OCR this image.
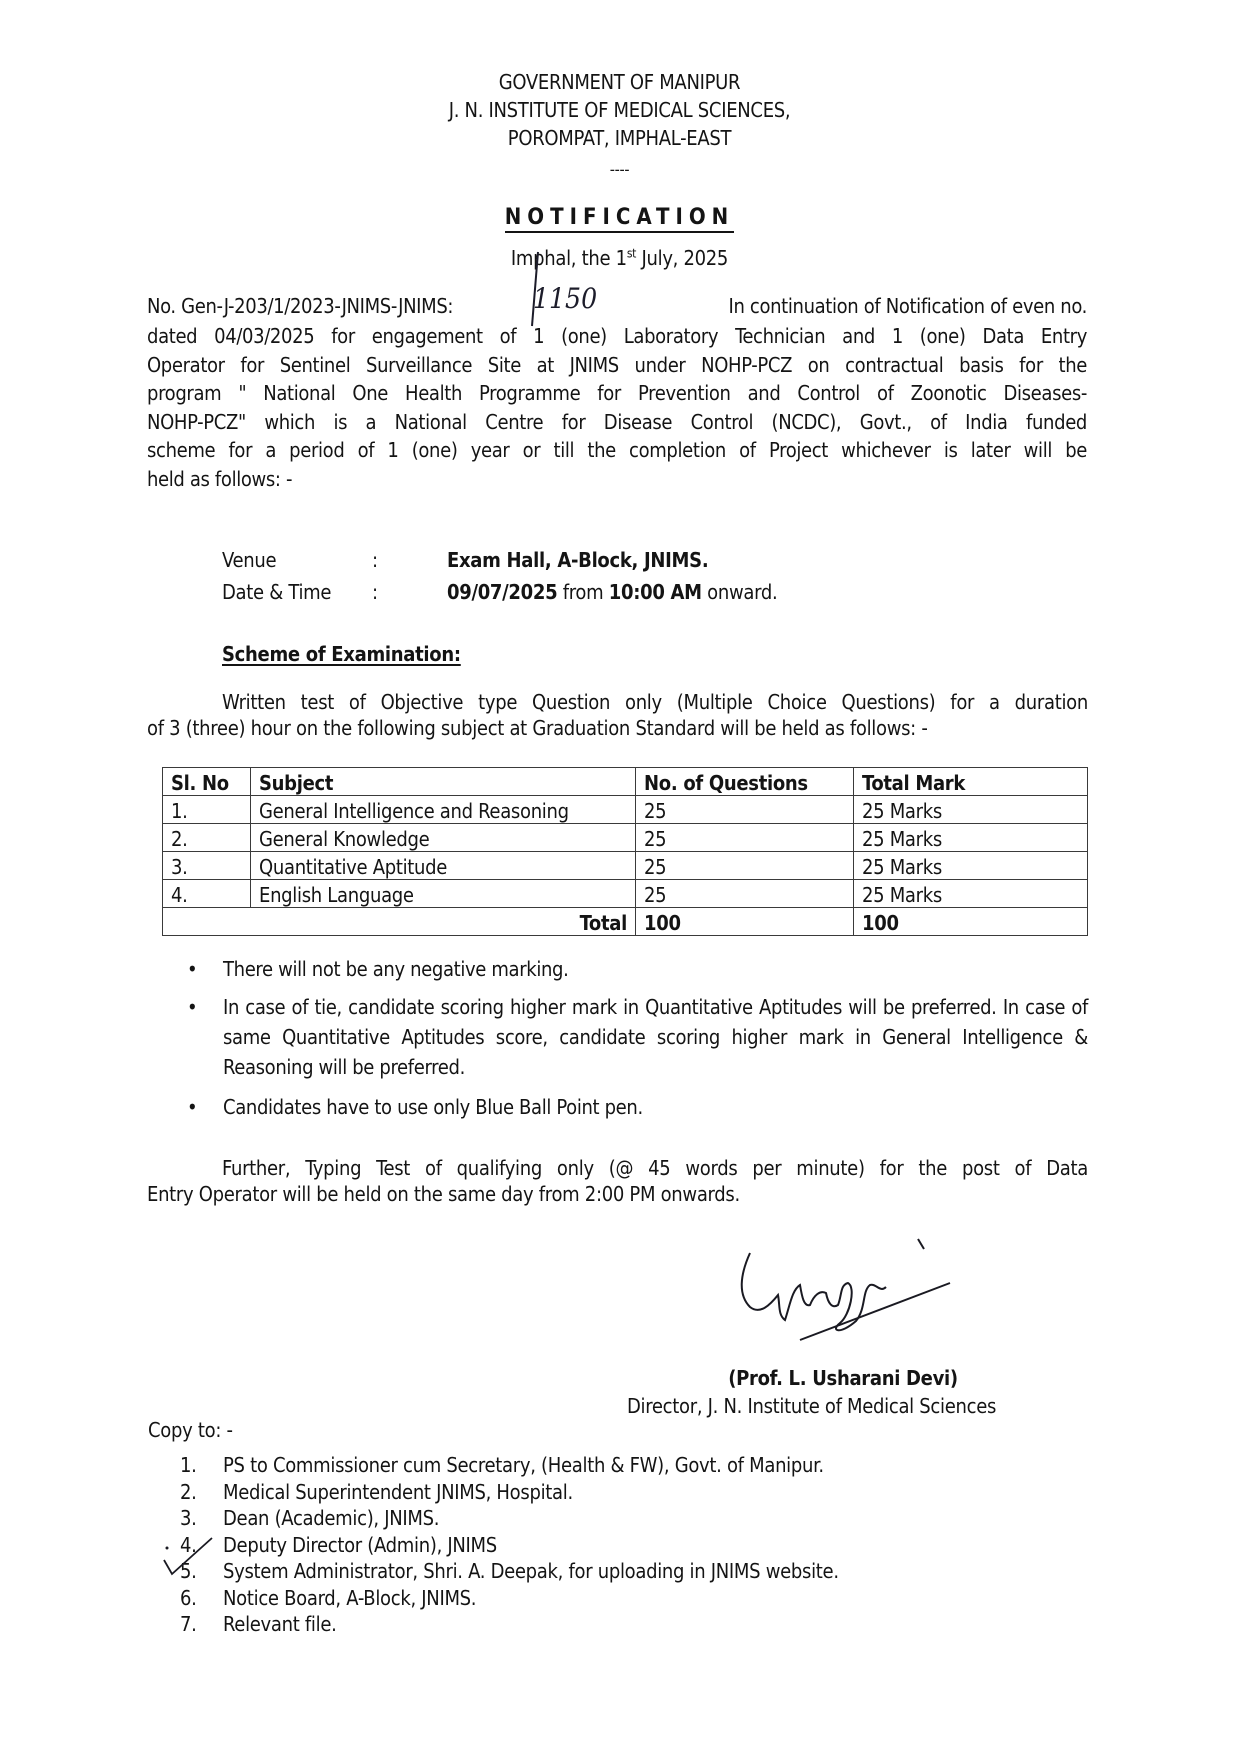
GOVERNMENT OF MANIPUR
J. N. INSTITUTE OF MEDICAL SCIENCES,
POROMPAT, IMPHAL-EAST
----
NOTIFICATION
Imphal, the 1st July, 2025
No. Gen-J-203/1/2023-JNIMS-JNIMS:	1150	In continuation of Notification of even no.
dated 04/03/2025 for engagement of 1 (one) Laboratory Technician and 1 (one) Data Entry
Operator for Sentinel Surveillance Site at JNIMS under NOHP-PCZ on contractual basis for the
program " National One Health Programme for Prevention and Control of Zoonotic Diseases-
NOHP-PCZ" which is a National Centre for Disease Control (NCDC), Govt., of India funded
scheme for a period of 1 (one) year or till the completion of Project whichever is later will be
held as follows: -
Venue	:	Exam Hall, A-Block, JNIMS.
Date & Time :	09/07/2025 from 10:00 AM onward.
Scheme of Examination:
Written test of Objective type Question only (Multiple Choice Questions) for a duration
of 3 (three) hour on the following subject at Graduation Standard will be held as follows: -
Sl. No	Subject	No. of Questions	Total Mark
1.	General Intelligence and Reasoning	25	25 Marks
2.	General Knowledge	25	25 Marks
3.	Quantitative Aptitude	25	25 Marks
4.	English Language	25	25 Marks
Total		100	100
• There will not be any negative marking.
• In case of tie, candidate scoring higher mark in Quantitative Aptitudes will be preferred. In case of same Quantitative Aptitudes score, candidate scoring higher mark in General Intelligence & Reasoning will be preferred.
• Candidates have to use only Blue Ball Point pen.
Further, Typing Test of qualifying only (@ 45 words per minute) for the post of Data
Entry Operator will be held on the same day from 2:00 PM onwards.
(Prof. L. Usharani Devi)
Director, J. N. Institute of Medical Sciences
Copy to: -
1. PS to Commissioner cum Secretary, (Health & FW), Govt. of Manipur.
2. Medical Superintendent JNIMS, Hospital.
3. Dean (Academic), JNIMS.
4. Deputy Director (Admin), JNIMS
5. System Administrator, Shri. A. Deepak, for uploading in JNIMS website.
6. Notice Board, A-Block, JNIMS.
7. Relevant file.
